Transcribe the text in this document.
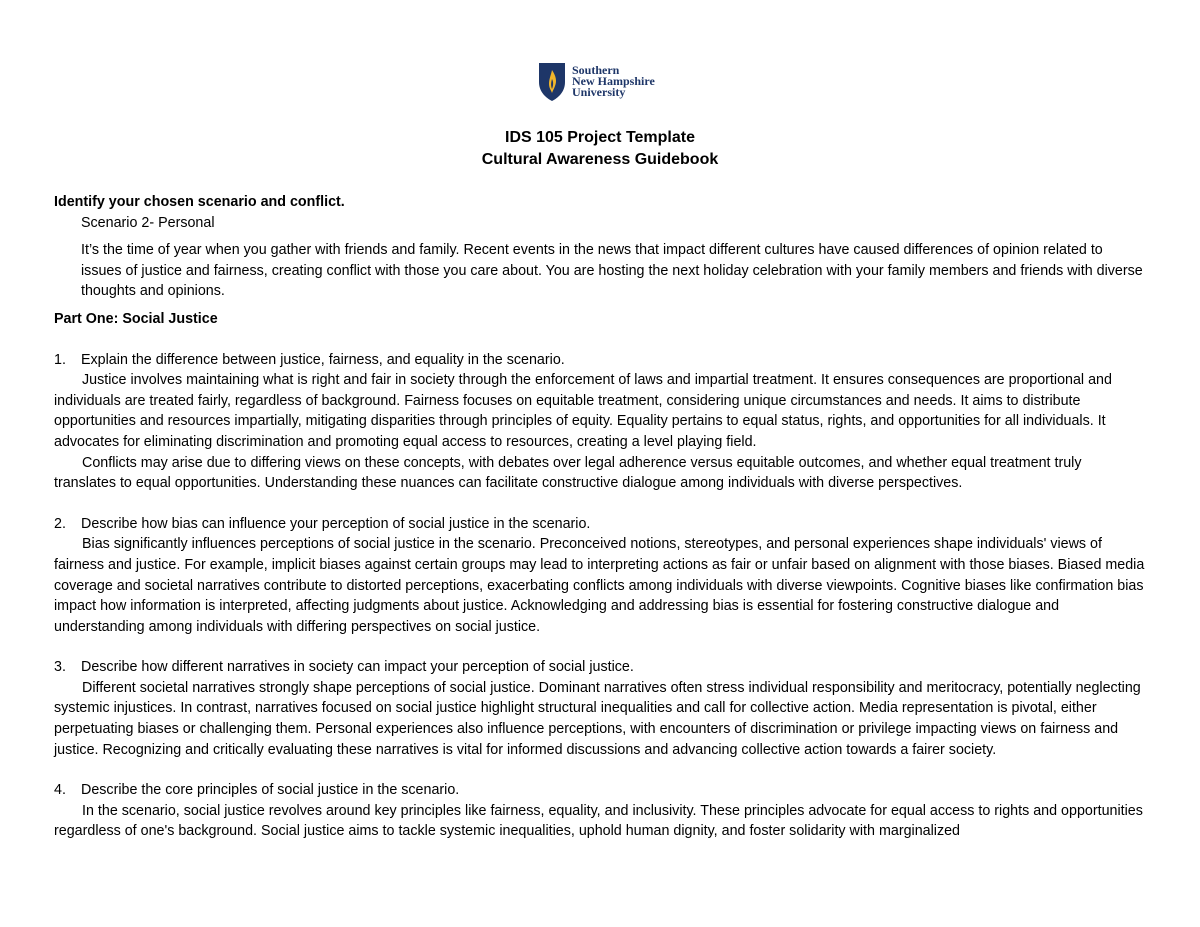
Southern
New Hampshire
University
IDS 105 Project Template
Cultural Awareness Guidebook

Identify your chosen scenario and conflict.

Scenario 2- Personal

It’s the time of year when you gather with friends and family. Recent events in the news that impact different cultures have caused differences of opinion related to issues of justice and fairness, creating conflict with those you care about. You are hosting the next holiday celebration with your family members and friends with diverse thoughts and opinions.

Part One: Social Justice

1. Explain the difference between justice, fairness, and equality in the scenario.

Justice involves maintaining what is right and fair in society through the enforcement of laws and impartial treatment. It ensures consequences are proportional and individuals are treated fairly, regardless of background. Fairness focuses on equitable treatment, considering unique circumstances and needs. It aims to distribute opportunities and resources impartially, mitigating disparities through principles of equity. Equality pertains to equal status, rights, and opportunities for all individuals. It advocates for eliminating discrimination and promoting equal access to resources, creating a level playing field.

Conflicts may arise due to differing views on these concepts, with debates over legal adherence versus equitable outcomes, and whether equal treatment truly translates to equal opportunities. Understanding these nuances can facilitate constructive dialogue among individuals with diverse perspectives.

2. Describe how bias can influence your perception of social justice in the scenario.

Bias significantly influences perceptions of social justice in the scenario. Preconceived notions, stereotypes, and personal experiences shape individuals' views of fairness and justice. For example, implicit biases against certain groups may lead to interpreting actions as fair or unfair based on alignment with those biases. Biased media coverage and societal narratives contribute to distorted perceptions, exacerbating conflicts among individuals with diverse viewpoints. Cognitive biases like confirmation bias impact how information is interpreted, affecting judgments about justice. Acknowledging and addressing bias is essential for fostering constructive dialogue and understanding among individuals with differing perspectives on social justice.

3. Describe how different narratives in society can impact your perception of social justice.

Different societal narratives strongly shape perceptions of social justice. Dominant narratives often stress individual responsibility and meritocracy, potentially neglecting systemic injustices. In contrast, narratives focused on social justice highlight structural inequalities and call for collective action. Media representation is pivotal, either perpetuating biases or challenging them. Personal experiences also influence perceptions, with encounters of discrimination or privilege impacting views on fairness and justice. Recognizing and critically evaluating these narratives is vital for informed discussions and advancing collective action towards a fairer society.

4. Describe the core principles of social justice in the scenario.

In the scenario, social justice revolves around key principles like fairness, equality, and inclusivity. These principles advocate for equal access to rights and opportunities regardless of one's background. Social justice aims to tackle systemic inequalities, uphold human dignity, and foster solidarity with marginalized
